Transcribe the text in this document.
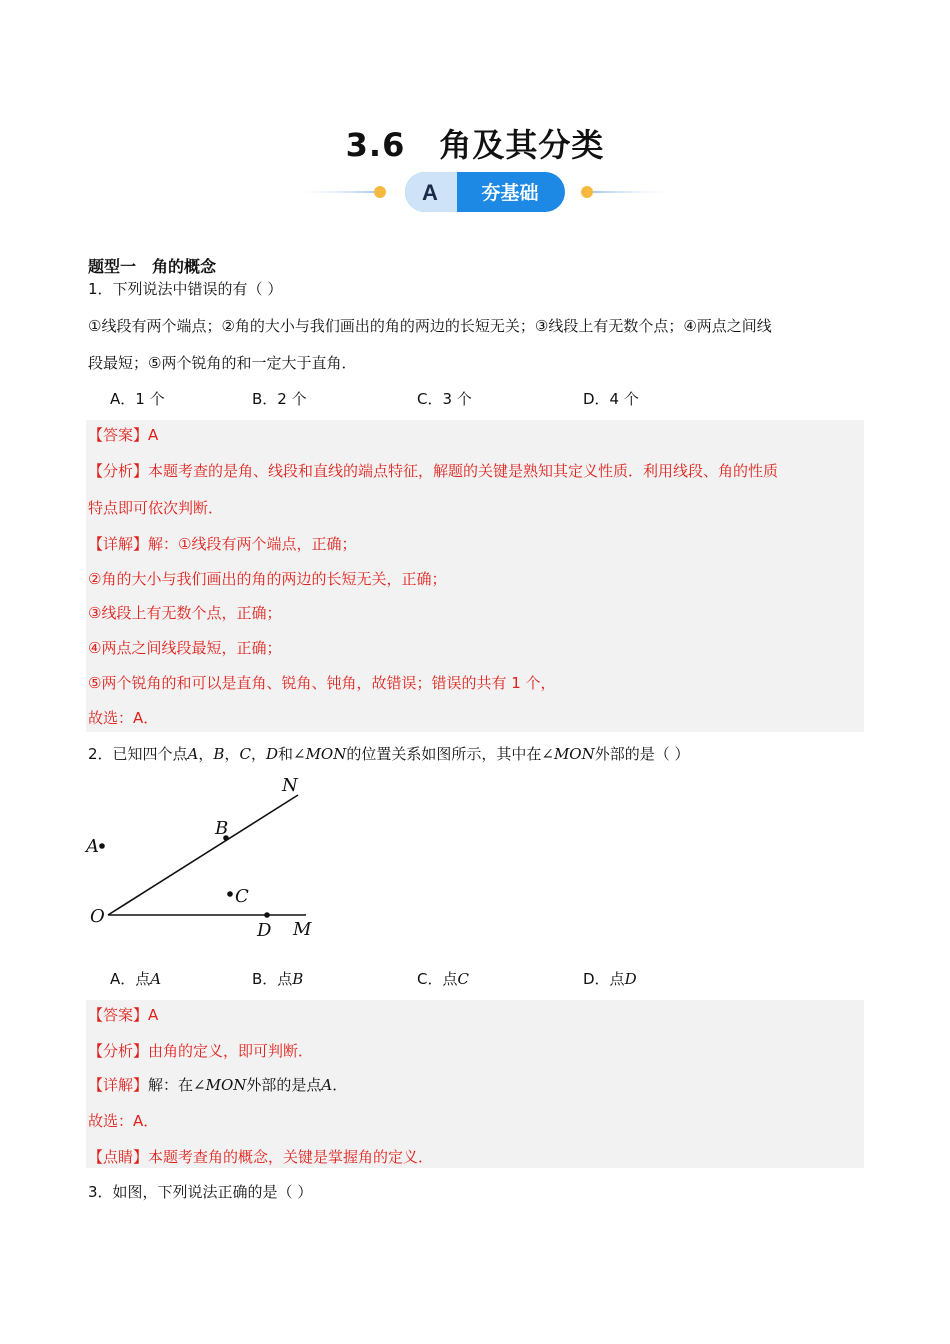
3.6 角及其分类
A 夯基础
题型一 角的概念
1．下列说法中错误的有（ ）
①线段有两个端点；②角的大小与我们画出的角的两边的长短无关；③线段上有无数个点；④两点之间线
段最短；⑤两个锐角的和一定大于直角．
A．1 个	B．2 个	C．3 个	D．4 个
【答案】A
【分析】本题考查的是角、线段和直线的端点特征，解题的关键是熟知其定义性质．利用线段、角的性质
特点即可依次判断．
【详解】解：①线段有两个端点，正确；
②角的大小与我们画出的角的两边的长短无关，正确；
③线段上有无数个点，正确；
④两点之间线段最短，正确；
⑤两个锐角的和可以是直角、锐角、钝角，故错误；错误的共有 1 个，
故选：A．
2．已知四个点A，B，C，D和∠MON的位置关系如图所示，其中在∠MON外部的是（ ）
N
B
A
C
O
D M
A．点A	B．点B	C．点C	D．点D
【答案】A
【分析】由角的定义，即可判断．
【详解】解：在∠MON外部的是点A．
故选：A．
【点睛】本题考查角的概念，关键是掌握角的定义．
3．如图，下列说法正确的是（ ）
